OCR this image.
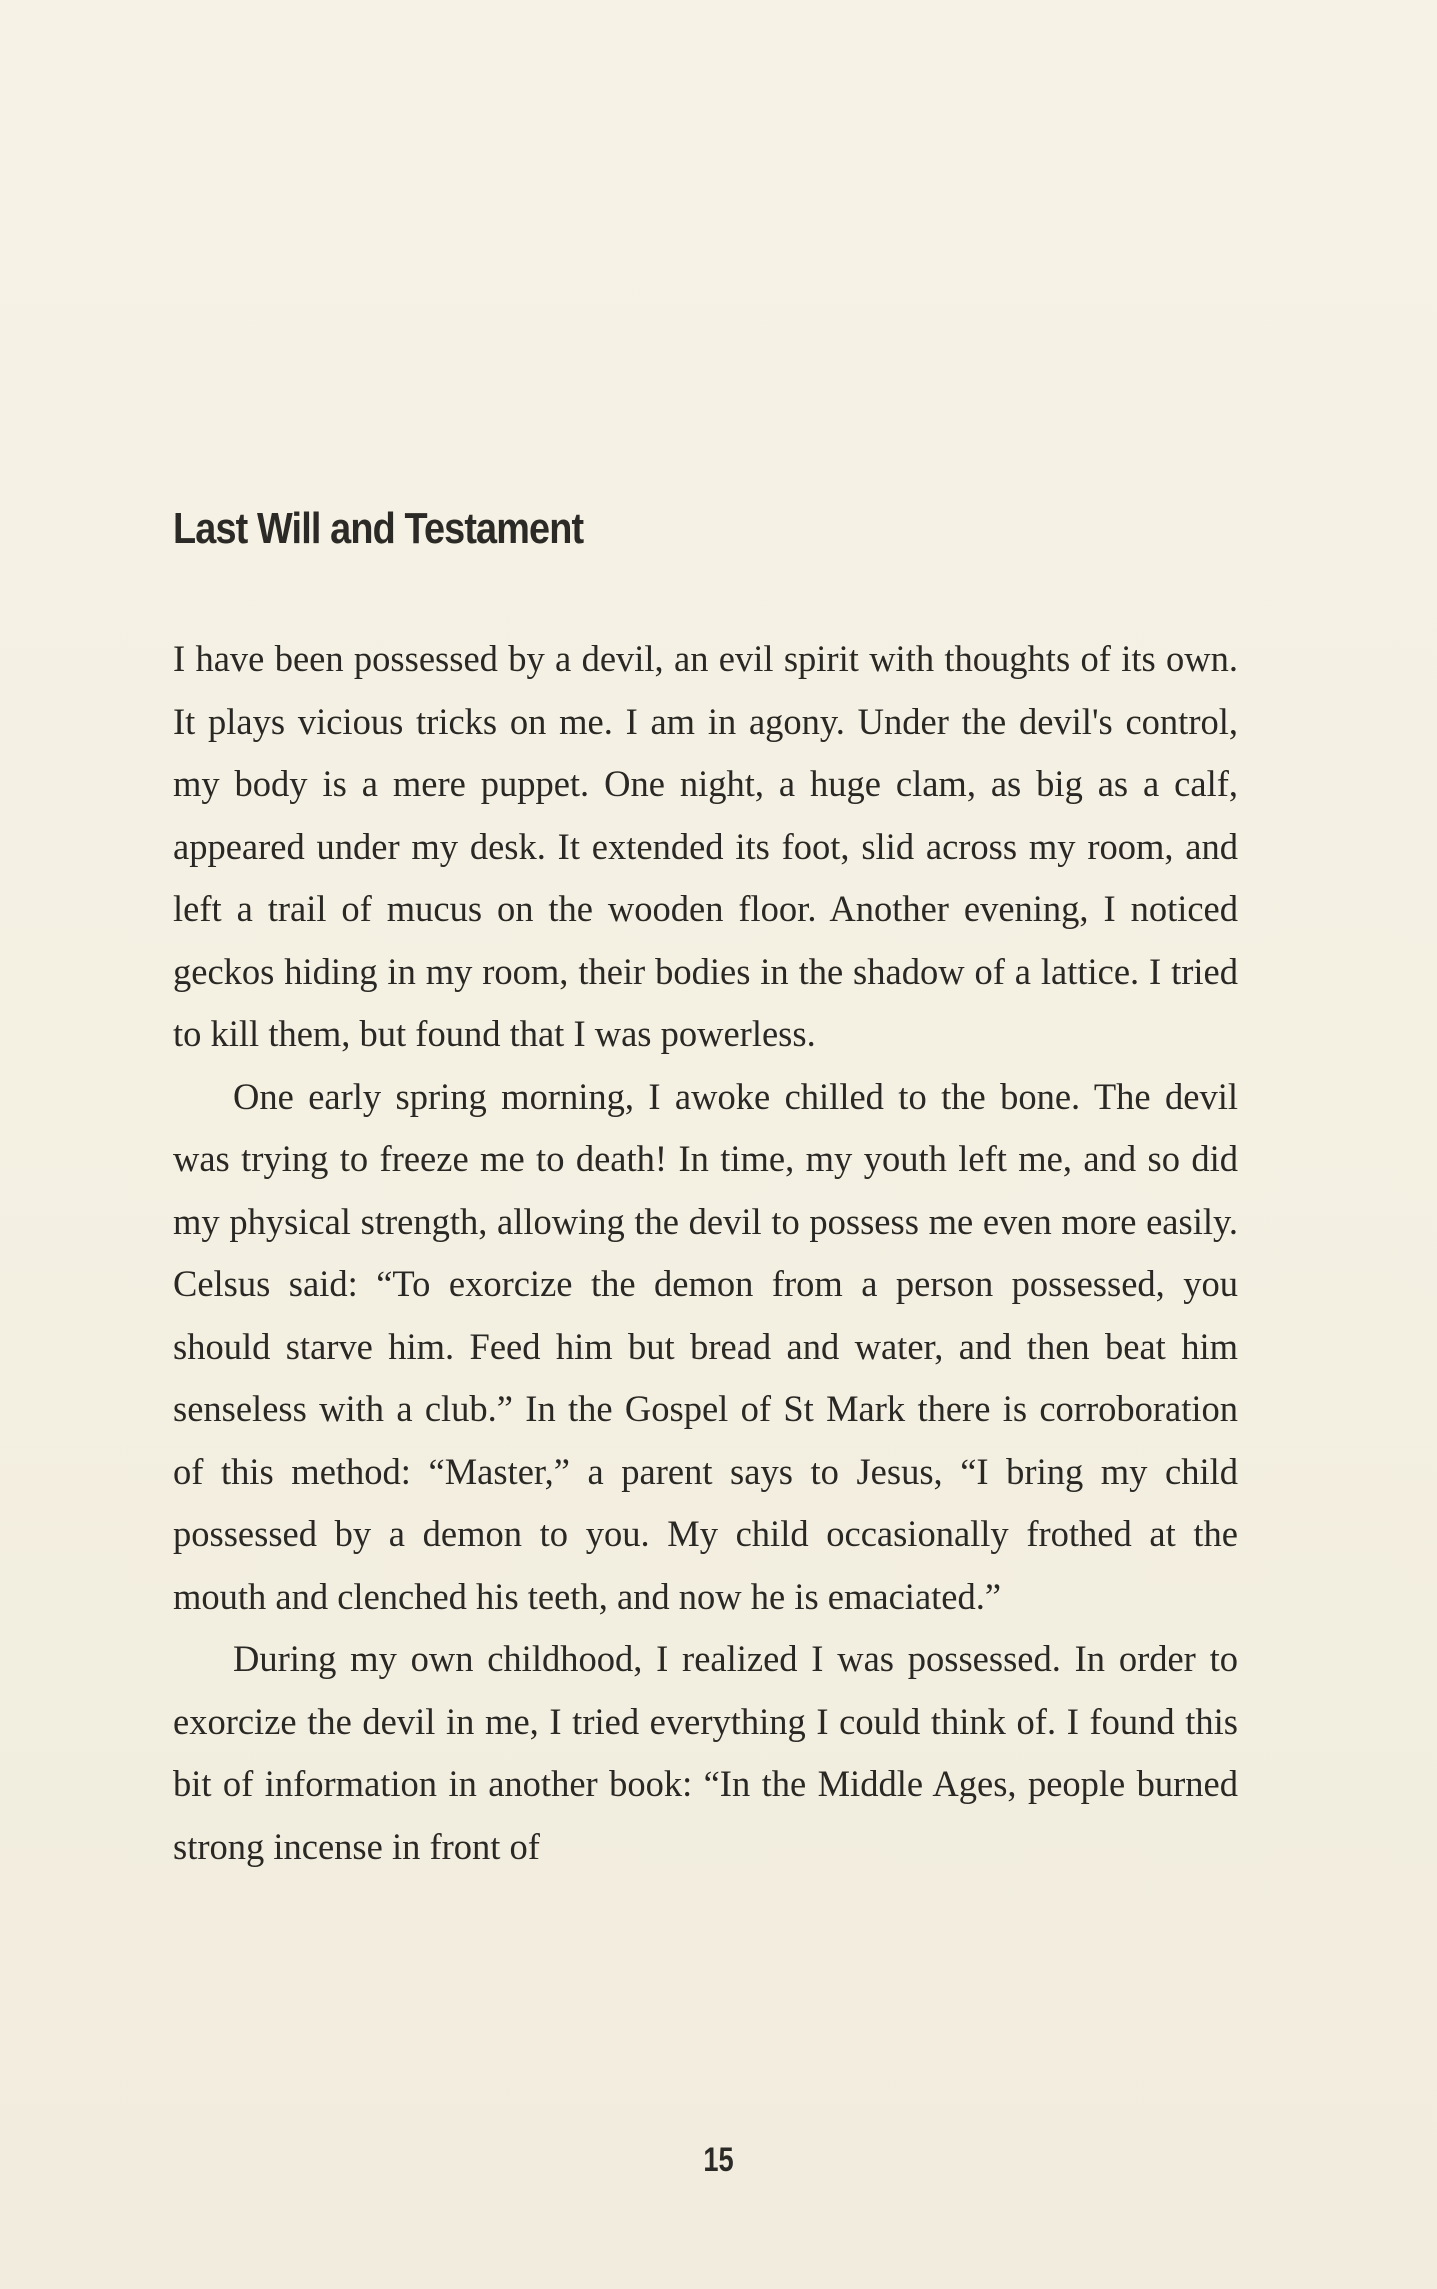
Last Will and Testament

I have been possessed by a devil, an evil spirit with thoughts of its own. It plays vicious tricks on me. I am in agony. Under the devil's control, my body is a mere puppet. One night, a huge clam, as big as a calf, appeared under my desk. It extended its foot, slid across my room, and left a trail of mucus on the wooden floor. Another evening, I noticed geckos hiding in my room, their bodies in the shadow of a lattice. I tried to kill them, but found that I was powerless.

One early spring morning, I awoke chilled to the bone. The devil was trying to freeze me to death! In time, my youth left me, and so did my physical strength, allowing the devil to possess me even more easily. Celsus said: “To exorcize the demon from a person possessed, you should starve him. Feed him but bread and water, and then beat him senseless with a club.” In the Gospel of St Mark there is corroboration of this method: “Master,” a parent says to Jesus, “I bring my child possessed by a demon to you. My child occasionally frothed at the mouth and clenched his teeth, and now he is emaciated.”

During my own childhood, I realized I was possessed. In order to exorcize the devil in me, I tried everything I could think of. I found this bit of information in another book: “In the Middle Ages, people burned strong incense in front of

15
